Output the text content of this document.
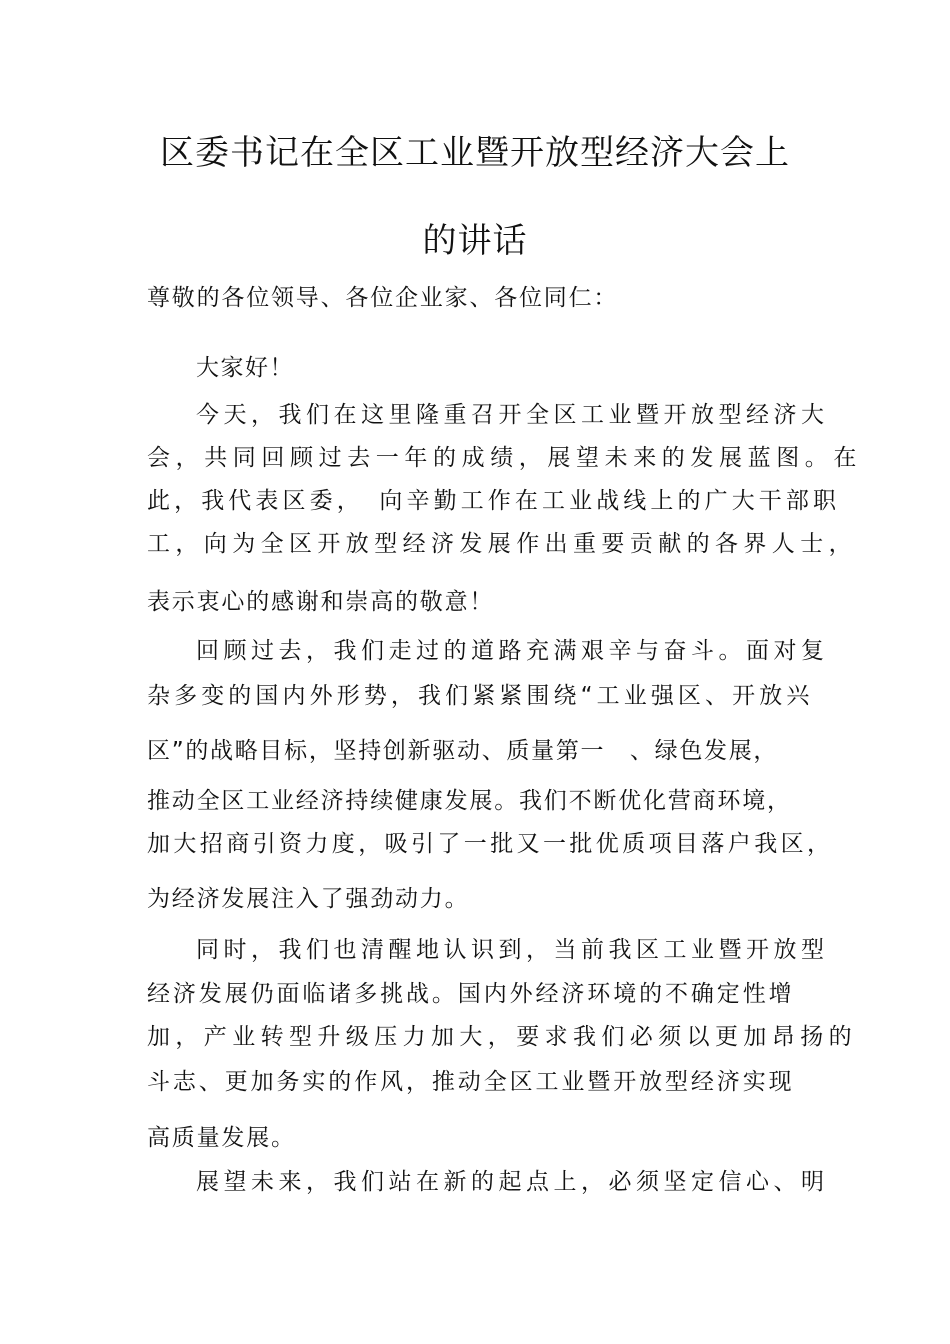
区委书记在全区工业暨开放型经济大会上
的讲话
尊敬的各位领导、各位企业家、各位同仁：
大家好！
今天，我们在这里隆重召开全区工业暨开放型经济大
会，共同回顾过去一年的成绩，展望未来的发展蓝图。在
此，我代表区委，　向辛勤工作在工业战线上的广大干部职
工，向为全区开放型经济发展作出重要贡献的各界人士，
表示衷心的感谢和崇高的敬意！
回顾过去，我们走过的道路充满艰辛与奋斗。面对复
杂多变的国内外形势，我们紧紧围绕“工业强区、开放兴
区”的战略目标，坚持创新驱动、质量第一　、绿色发展，
推动全区工业经济持续健康发展。我们不断优化营商环境，
加大招商引资力度，吸引了一批又一批优质项目落户我区，
为经济发展注入了强劲动力。
同时，我们也清醒地认识到，当前我区工业暨开放型
经济发展仍面临诸多挑战。国内外经济环境的不确定性增
加，产业转型升级压力加大，要求我们必须以更加昂扬的
斗志、更加务实的作风，推动全区工业暨开放型经济实现
高质量发展。
展望未来，我们站在新的起点上，必须坚定信心、明
